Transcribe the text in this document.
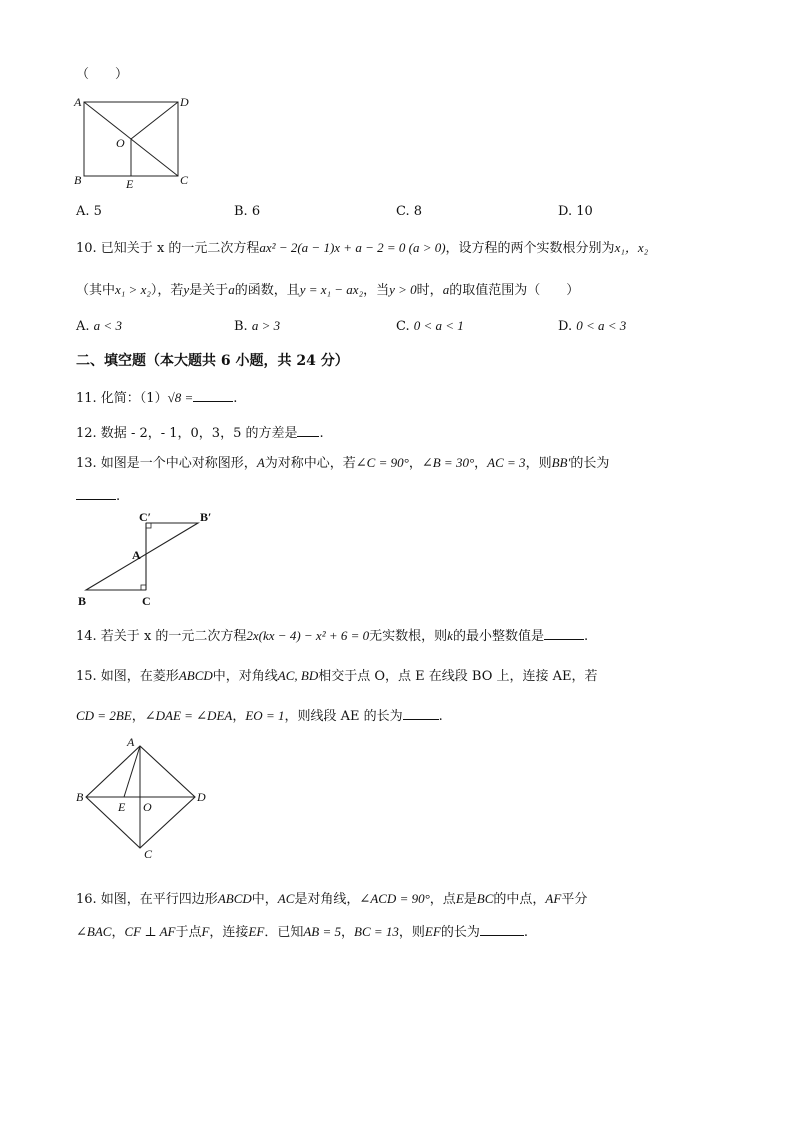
（　　）
A	D
O
B	E	C
A. 5	B. 6	C. 8	D. 10
10. 已知关于 x 的一元二次方程ax² − 2(a − 1)x + a − 2 = 0 (a > 0)，设方程的两个实数根分别为x₁，x₂
（其中x₁ > x₂），若y是关于a的函数，且y = x₁ − ax₂，当y > 0时，a的取值范围为（　　）
A. a < 3	B. a > 3	C. 0 < a < 1	D. 0 < a < 3
二、填空题（本大题共 6 小题，共 24 分）
11. 化简：（1）√8 =	.
12. 数据 - 2，- 1，0，3，5 的方差是 .
13. 如图是一个中心对称图形，A为对称中心，若∠C = 90°，∠B = 30°，AC = 3，则BB′的长为
.
C′	B′
A
B	C
14. 若关于 x 的一元二次方程2x(kx − 4) − x² + 6 = 0无实数根，则k的最小整数值是	.
15. 如图，在菱形ABCD中，对角线AC, BD相交于点 O，点 E 在线段 BO 上，连接 AE，若
CD = 2BE，∠DAE = ∠DEA，EO = 1，则线段 AE 的长为	.
A
B
E O
D
C
16. 如图，在平行四边形ABCD中，AC是对角线，∠ACD = 90°，点E是BC的中点，AF平分
∠BAC，CF ⊥ AF于点F，连接EF．已知AB = 5，BC = 13，则EF的长为	.
